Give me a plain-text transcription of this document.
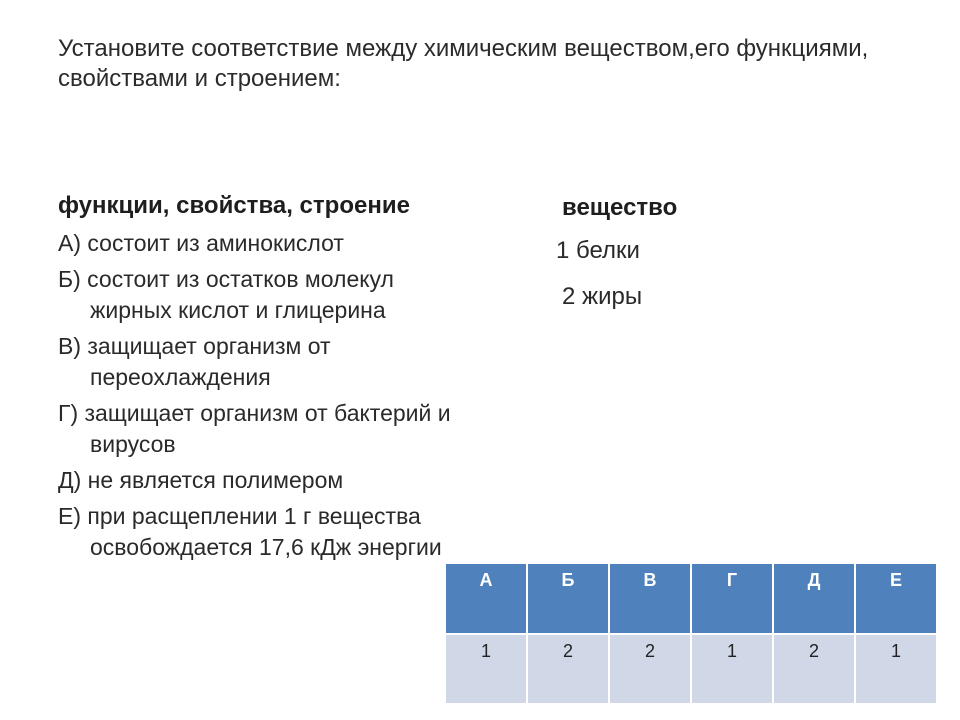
Установите соответствие между химическим веществом,его функциями, свойствами и строением:
функции, свойства, строение
А) состоит из аминокислот
Б) состоит из остатков молекул жирных кислот и глицерина
В) защищает организм от переохлаждения
Г) защищает организм от бактерий и вирусов
Д) не является полимером
Е) при расщеплении 1 г вещества освобождается 17,6 кДж энергии
вещество
1 белки
2 жиры
А	Б	В	Г	Д	Е
1	2	2	1	2	1
